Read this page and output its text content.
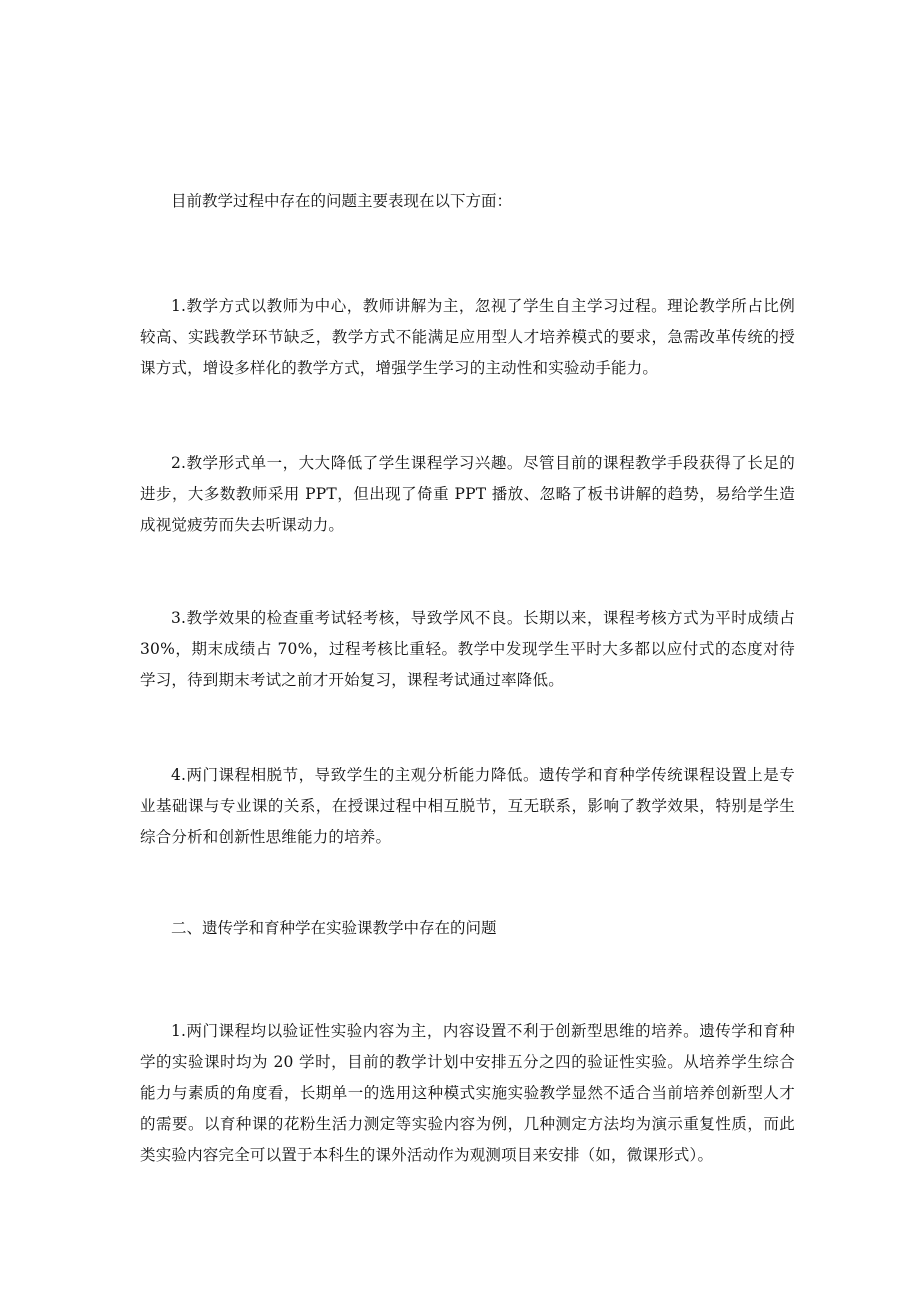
目前教学过程中存在的问题主要表现在以下方面：

1.教学方式以教师为中心，教师讲解为主，忽视了学生自主学习过程。理论教学所占比例较高、实践教学环节缺乏，教学方式不能满足应用型人才培养模式的要求，急需改革传统的授课方式，增设多样化的教学方式，增强学生学习的主动性和实验动手能力。

2.教学形式单一，大大降低了学生课程学习兴趣。尽管目前的课程教学手段获得了长足的进步，大多数教师采用 PPT，但出现了倚重 PPT 播放、忽略了板书讲解的趋势，易给学生造成视觉疲劳而失去听课动力。

3.教学效果的检查重考试轻考核，导致学风不良。长期以来，课程考核方式为平时成绩占 30%，期末成绩占 70%，过程考核比重轻。教学中发现学生平时大多都以应付式的态度对待学习，待到期末考试之前才开始复习，课程考试通过率降低。

4.两门课程相脱节，导致学生的主观分析能力降低。遗传学和育种学传统课程设置上是专业基础课与专业课的关系，在授课过程中相互脱节，互无联系，影响了教学效果，特别是学生综合分析和创新性思维能力的培养。

二、遗传学和育种学在实验课教学中存在的问题

1.两门课程均以验证性实验内容为主，内容设置不利于创新型思维的培养。遗传学和育种学的实验课时均为 20 学时，目前的教学计划中安排五分之四的验证性实验。从培养学生综合能力与素质的角度看，长期单一的选用这种模式实施实验教学显然不适合当前培养创新型人才的需要。以育种课的花粉生活力测定等实验内容为例，几种测定方法均为演示重复性质，而此类实验内容完全可以置于本科生的课外活动作为观测项目来安排（如，微课形式）。
